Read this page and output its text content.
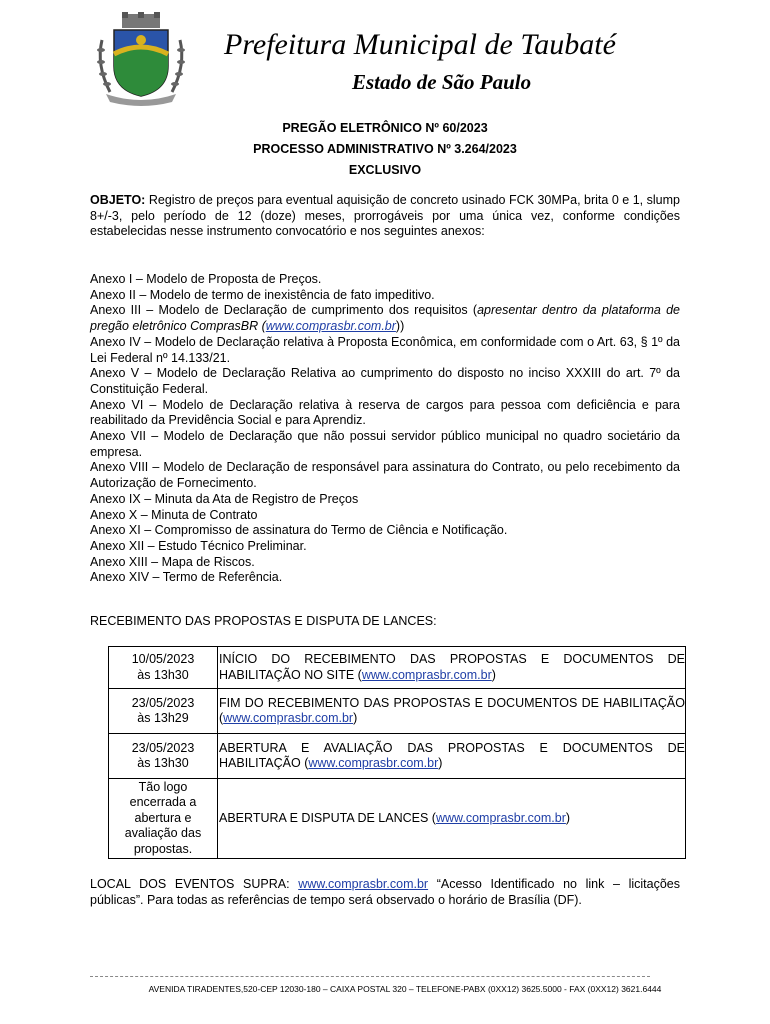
Prefeitura Municipal de Taubaté
Estado de São Paulo
PREGÃO ELETRÔNICO Nº 60/2023
PROCESSO ADMINISTRATIVO Nº 3.264/2023
EXCLUSIVO
OBJETO: Registro de preços para eventual aquisição de concreto usinado FCK 30MPa, brita 0 e 1, slump 8+/-3, pelo período de 12 (doze) meses, prorrogáveis por uma única vez, conforme condições estabelecidas nesse instrumento convocatório e nos seguintes anexos:
Anexo I – Modelo de Proposta de Preços.
Anexo II – Modelo de termo de inexistência de fato impeditivo.
Anexo III – Modelo de Declaração de cumprimento dos requisitos (apresentar dentro da plataforma de pregão eletrônico ComprasBR (www.comprasbr.com.br))
Anexo IV – Modelo de Declaração relativa à Proposta Econômica, em conformidade com o Art. 63, § 1º da Lei Federal nº 14.133/21.
Anexo V – Modelo de Declaração Relativa ao cumprimento do disposto no inciso XXXIII do art. 7º da Constituição Federal.
Anexo VI – Modelo de Declaração relativa à reserva de cargos para pessoa com deficiência e para reabilitado da Previdência Social e para Aprendiz.
Anexo VII – Modelo de Declaração que não possui servidor público municipal no quadro societário da empresa.
Anexo VIII – Modelo de Declaração de responsável para assinatura do Contrato, ou pelo recebimento da Autorização de Fornecimento.
Anexo IX – Minuta da Ata de Registro de Preços
Anexo X – Minuta de Contrato
Anexo XI – Compromisso de assinatura do Termo de Ciência e Notificação.
Anexo XII – Estudo Técnico Preliminar.
Anexo XIII – Mapa de Riscos.
Anexo XIV – Termo de Referência.
RECEBIMENTO DAS PROPOSTAS E DISPUTA DE LANCES:
10/05/2023
às 13h30	INÍCIO DO RECEBIMENTO DAS PROPOSTAS E DOCUMENTOS DE HABILITAÇÃO NO SITE (www.comprasbr.com.br)

23/05/2023
às 13h29	FIM DO RECEBIMENTO DAS PROPOSTAS E DOCUMENTOS DE HABILITAÇÃO (www.comprasbr.com.br)

23/05/2023
às 13h30	ABERTURA E AVALIAÇÃO DAS PROPOSTAS E DOCUMENTOS DE HABILITAÇÃO (www.comprasbr.com.br)

Tão logo encerrada a abertura e avaliação das propostas.	ABERTURA E DISPUTA DE LANCES (www.comprasbr.com.br)
LOCAL DOS EVENTOS SUPRA: www.comprasbr.com.br “Acesso Identificado no link – licitações públicas”. Para todas as referências de tempo será observado o horário de Brasília (DF).
AVENIDA TIRADENTES,520-CEP 12030-180 – CAIXA POSTAL 320 – TELEFONE-PABX (0XX12) 3625.5000 - FAX (0XX12) 3621.6444
